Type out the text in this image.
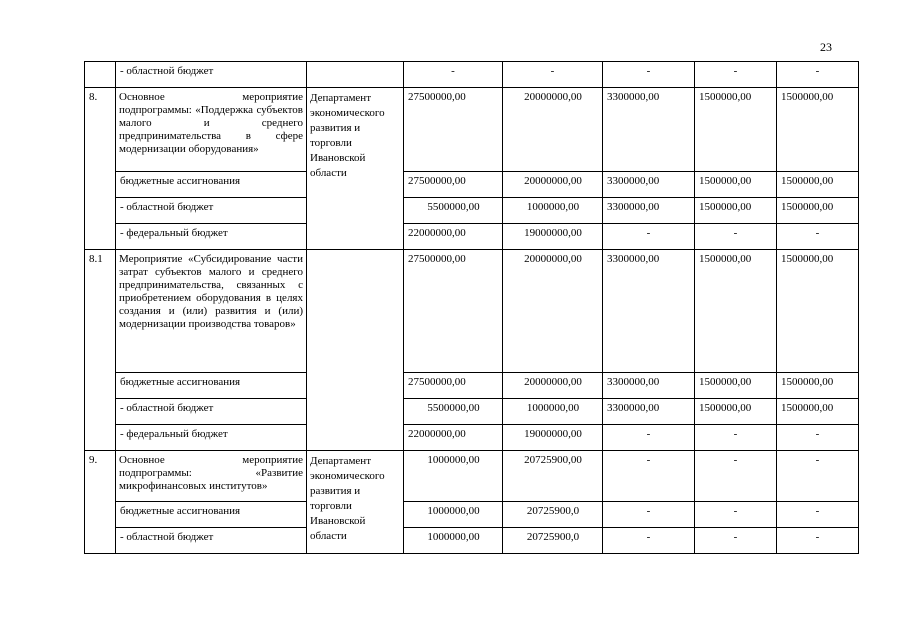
23
	- областной бюджет		-	-	-	-	-
8.	Основное мероприятие подпрограммы: «Поддержка субъектов малого и среднего предпринимательства в сфере модернизации оборудования»	Департамент экономического развития и торговли Ивановской области	27500000,00	20000000,00	3300000,00	1500000,00	1500000,00
	бюджетные ассигнования		27500000,00	20000000,00	3300000,00	1500000,00	1500000,00
	- областной бюджет		5500000,00	1000000,00	3300000,00	1500000,00	1500000,00
	- федеральный бюджет		22000000,00	19000000,00	-	-	-
8.1	Мероприятие «Субсидирование части затрат субъектов малого и среднего предпринимательства, связанных с приобретением оборудования в целях создания и (или) развития и (или) модернизации производства товаров»		27500000,00	20000000,00	3300000,00	1500000,00	1500000,00
	бюджетные ассигнования		27500000,00	20000000,00	3300000,00	1500000,00	1500000,00
	- областной бюджет		5500000,00	1000000,00	3300000,00	1500000,00	1500000,00
	- федеральный бюджет		22000000,00	19000000,00	-	-	-
9.	Основное мероприятие подпрограммы: «Развитие микрофинансовых институтов»	Департамент экономического развития и торговли Ивановской области	1000000,00	20725900,00	-	-	-
	бюджетные ассигнования		1000000,00	20725900,0	-	-	-
	- областной бюджет		1000000,00	20725900,0	-	-	-
